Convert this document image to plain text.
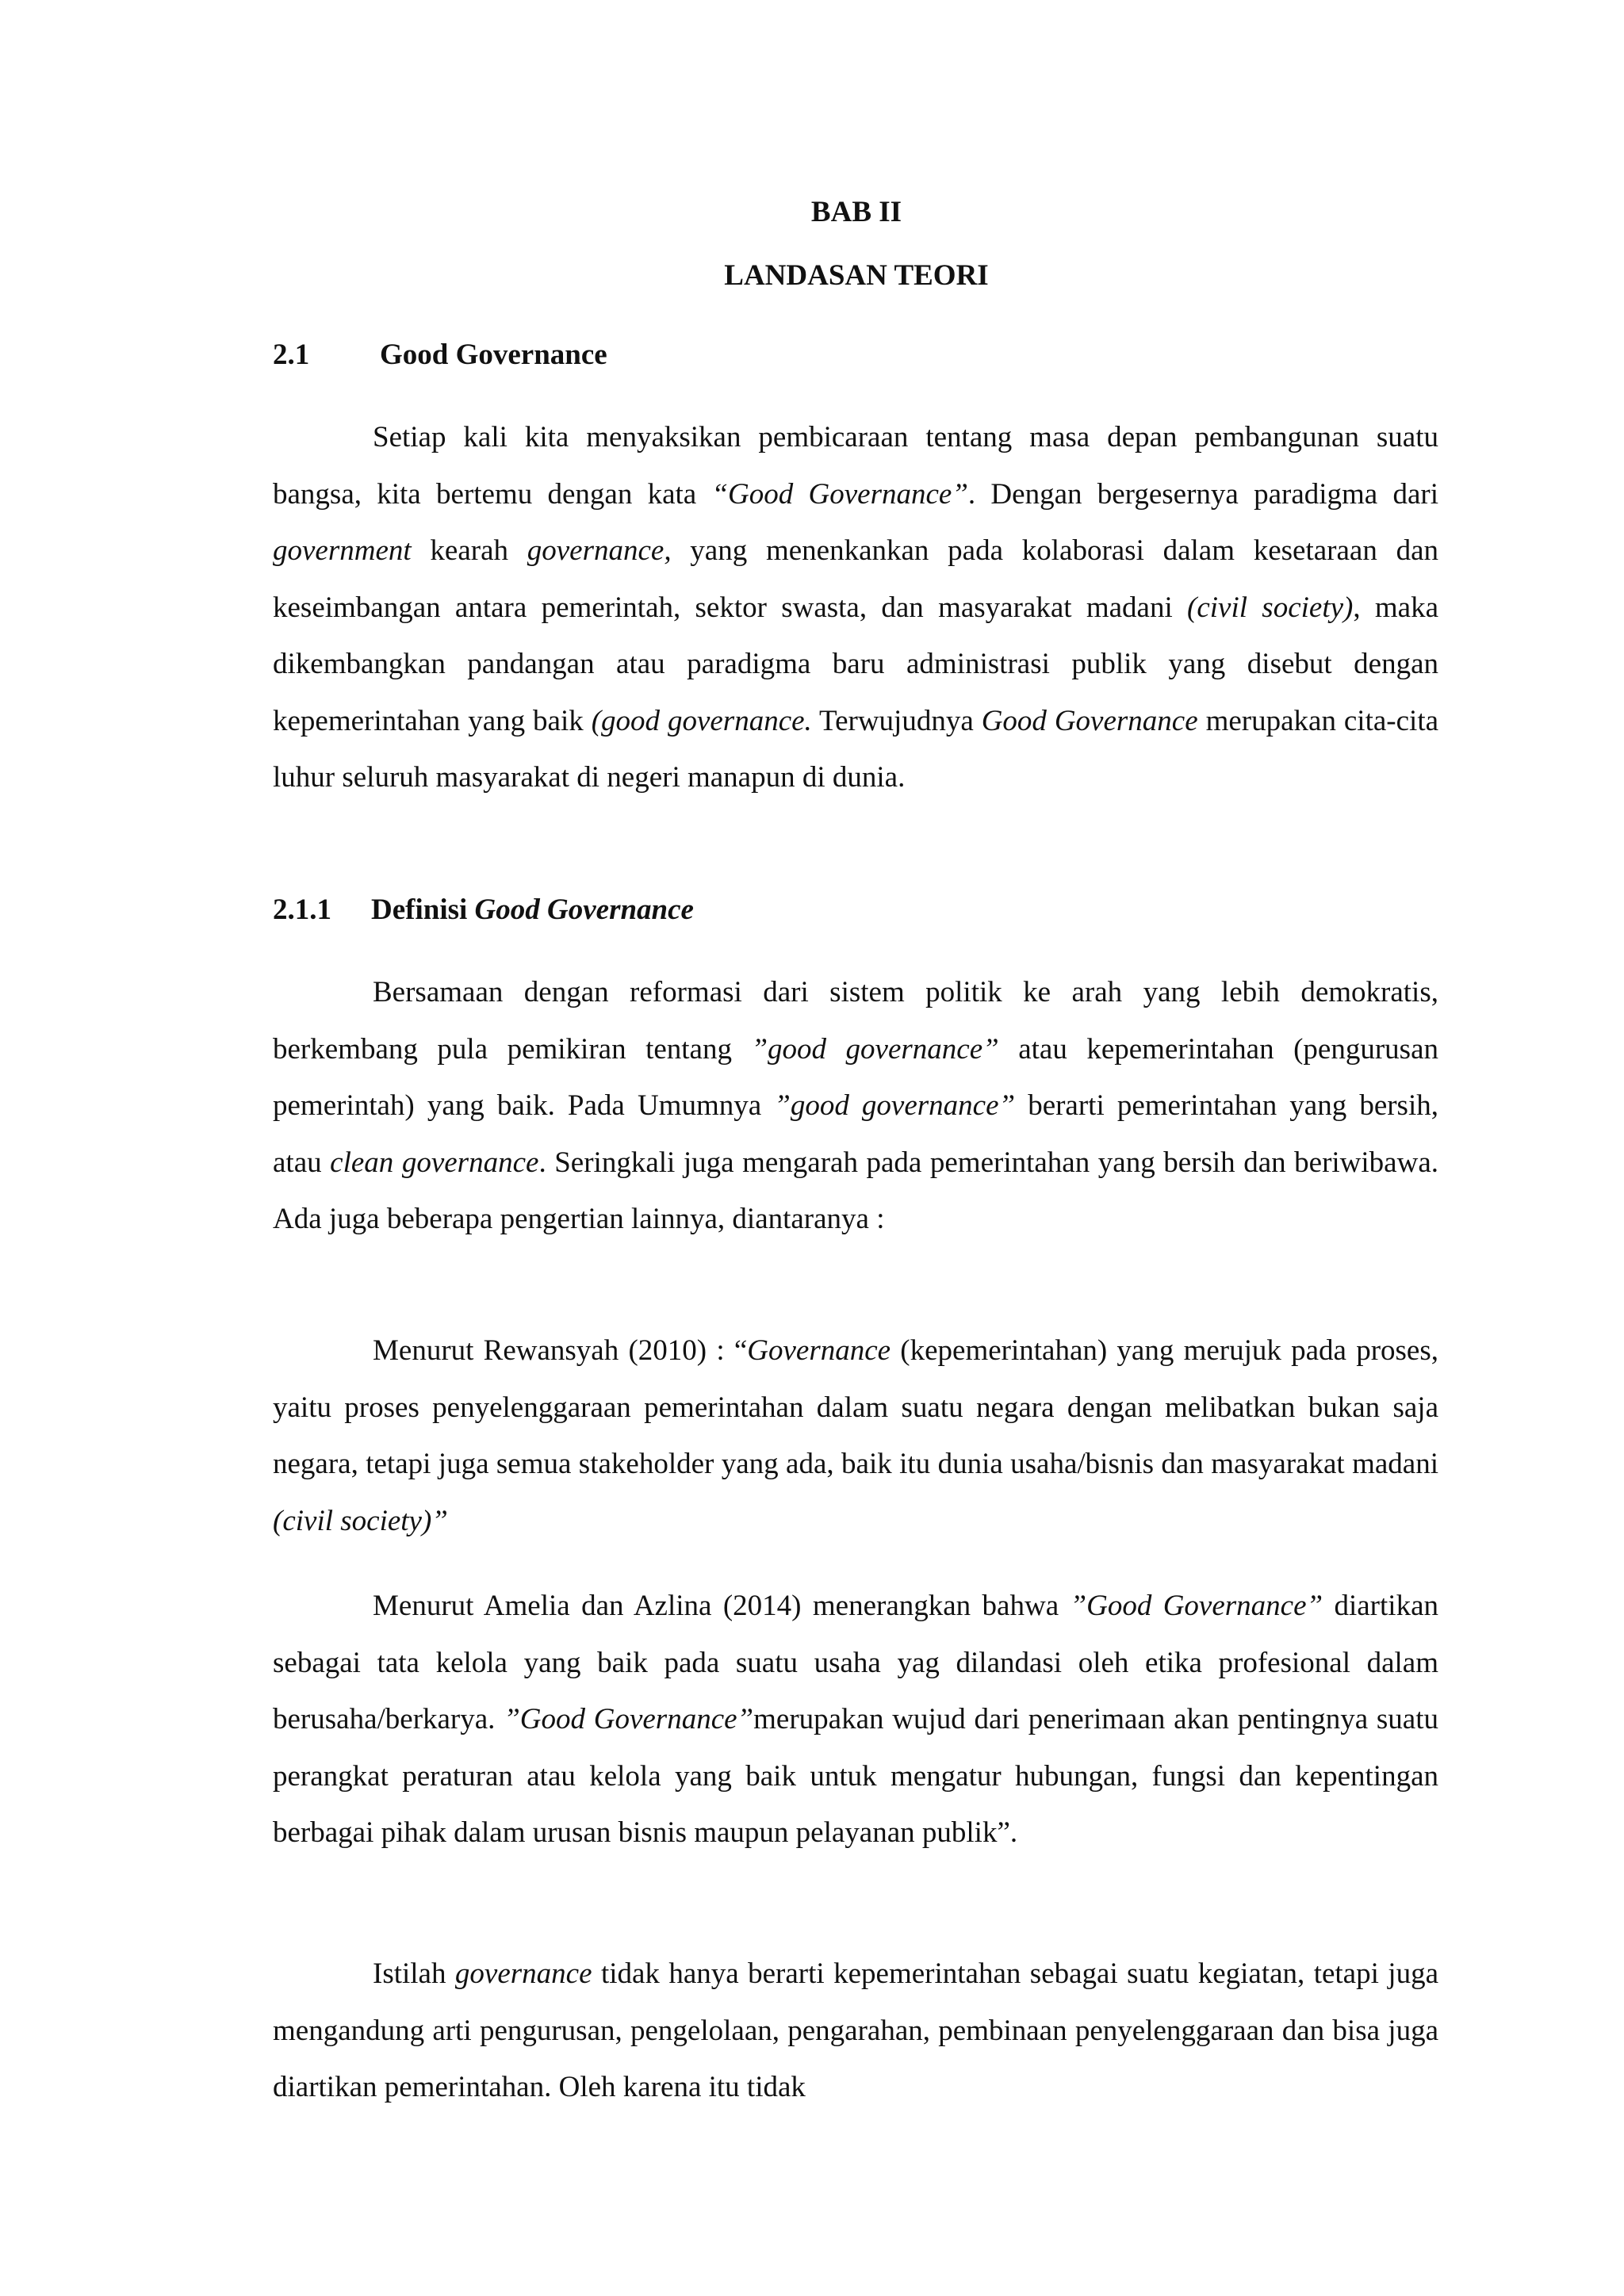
BAB II
LANDASAN TEORI
2.1 Good Governance

Setiap kali kita menyaksikan pembicaraan tentang masa depan pembangunan suatu bangsa, kita bertemu dengan kata “Good Governance”. Dengan bergesernya paradigma dari government kearah governance, yang menenkankan pada kolaborasi dalam kesetaraan dan keseimbangan antara pemerintah, sektor swasta, dan masyarakat madani (civil society), maka dikembangkan pandangan atau paradigma baru administrasi publik yang disebut dengan kepemerintahan yang baik (good governance. Terwujudnya Good Governance merupakan cita-cita luhur seluruh masyarakat di negeri manapun di dunia.

2.1.1 Definisi Good Governance

Bersamaan dengan reformasi dari sistem politik ke arah yang lebih demokratis, berkembang pula pemikiran tentang ”good governance” atau kepemerintahan (pengurusan pemerintah) yang baik. Pada Umumnya ”good governance” berarti pemerintahan yang bersih, atau clean governance. Seringkali juga mengarah pada pemerintahan yang bersih dan beriwibawa. Ada juga beberapa pengertian lainnya, diantaranya :

Menurut Rewansyah (2010) : “Governance (kepemerintahan) yang merujuk pada proses, yaitu proses penyelenggaraan pemerintahan dalam suatu negara dengan melibatkan bukan saja negara, tetapi juga semua stakeholder yang ada, baik itu dunia usaha/bisnis dan masyarakat madani (civil society)”

Menurut Amelia dan Azlina (2014) menerangkan bahwa ”Good Governance” diartikan sebagai tata kelola yang baik pada suatu usaha yag dilandasi oleh etika profesional dalam berusaha/berkarya. ”Good Governance”merupakan wujud dari penerimaan akan pentingnya suatu perangkat peraturan atau kelola yang baik untuk mengatur hubungan, fungsi dan kepentingan berbagai pihak dalam urusan bisnis maupun pelayanan publik”.

Istilah governance tidak hanya berarti kepemerintahan sebagai suatu kegiatan, tetapi juga mengandung arti pengurusan, pengelolaan, pengarahan, pembinaan penyelenggaraan dan bisa juga diartikan pemerintahan. Oleh karena itu tidak
